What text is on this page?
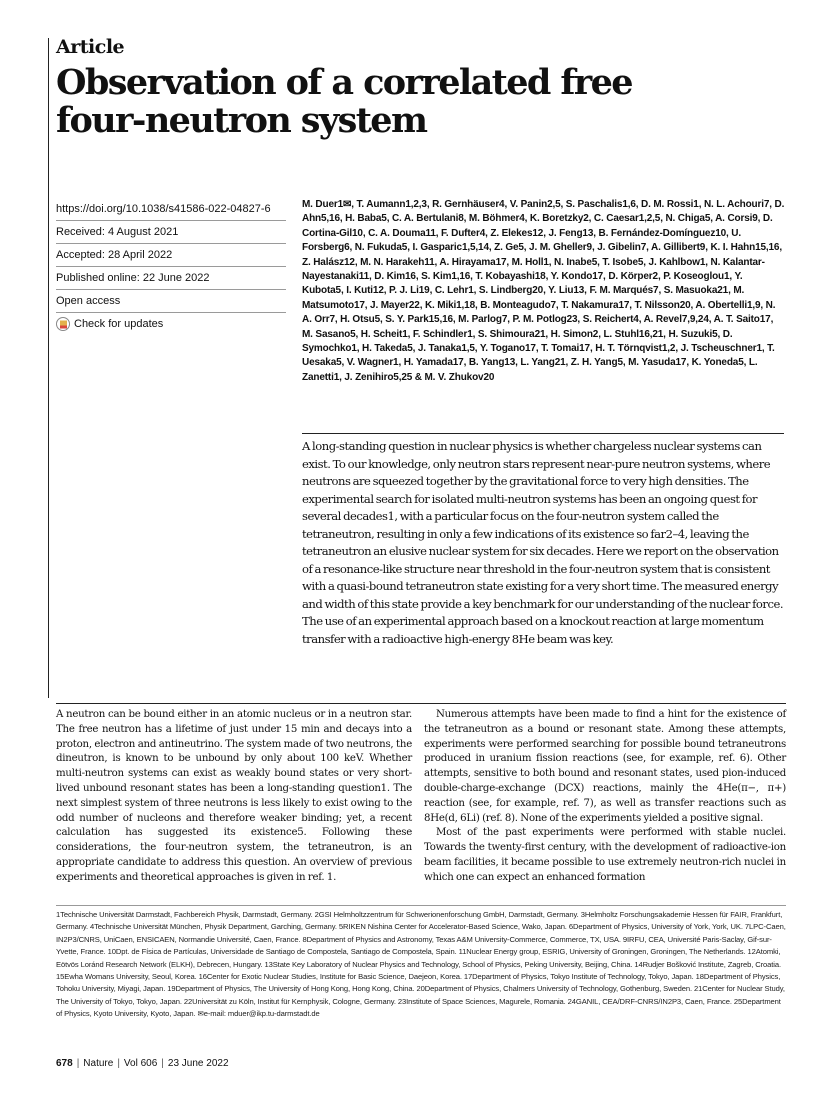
Article
Observation of a correlated free four-neutron system
https://doi.org/10.1038/s41586-022-04827-6
Received: 4 August 2021
Accepted: 28 April 2022
Published online: 22 June 2022
Open access
Check for updates

M. Duer1✉, T. Aumann1,2,3, R. Gernhäuser4, V. Panin2,5, S. Paschalis1,6, D. M. Rossi1, N. L. Achouri7, D. Ahn5,16, H. Baba5, C. A. Bertulani8, M. Böhmer4, K. Boretzky2, C. Caesar1,2,5, N. Chiga5, A. Corsi9, D. Cortina-Gil10, C. A. Douma11, F. Dufter4, Z. Elekes12, J. Feng13, B. Fernández-Domínguez10, U. Forsberg6, N. Fukuda5, I. Gasparic1,5,14, Z. Ge5, J. M. Gheller9, J. Gibelin7, A. Gillibert9, K. I. Hahn15,16, Z. Halász12, M. N. Harakeh11, A. Hirayama17, M. Holl1, N. Inabe5, T. Isobe5, J. Kahlbow1, N. Kalantar-Nayestanaki11, D. Kim16, S. Kim1,16, T. Kobayashi18, Y. Kondo17, D. Körper2, P. Koseoglou1, Y. Kubota5, I. Kuti12, P. J. Li19, C. Lehr1, S. Lindberg20, Y. Liu13, F. M. Marqués7, S. Masuoka21, M. Matsumoto17, J. Mayer22, K. Miki1,18, B. Monteagudo7, T. Nakamura17, T. Nilsson20, A. Obertelli1,9, N. A. Orr7, H. Otsu5, S. Y. Park15,16, M. Parlog7, P. M. Potlog23, S. Reichert4, A. Revel7,9,24, A. T. Saito17, M. Sasano5, H. Scheit1, F. Schindler1, S. Shimoura21, H. Simon2, L. Stuhl16,21, H. Suzuki5, D. Symochko1, H. Takeda5, J. Tanaka1,5, Y. Togano17, T. Tomai17, H. T. Törnqvist1,2, J. Tscheuschner1, T. Uesaka5, V. Wagner1, H. Yamada17, B. Yang13, L. Yang21, Z. H. Yang5, M. Yasuda17, K. Yoneda5, L. Zanetti1, J. Zenihiro5,25 & M. V. Zhukov20

A long-standing question in nuclear physics is whether chargeless nuclear systems can exist. To our knowledge, only neutron stars represent near-pure neutron systems, where neutrons are squeezed together by the gravitational force to very high densities. The experimental search for isolated multi-neutron systems has been an ongoing quest for several decades1, with a particular focus on the four-neutron system called the tetraneutron, resulting in only a few indications of its existence so far2–4, leaving the tetraneutron an elusive nuclear system for six decades. Here we report on the observation of a resonance-like structure near threshold in the four-neutron system that is consistent with a quasi-bound tetraneutron state existing for a very short time. The measured energy and width of this state provide a key benchmark for our understanding of the nuclear force. The use of an experimental approach based on a knockout reaction at large momentum transfer with a radioactive high-energy 8He beam was key.

A neutron can be bound either in an atomic nucleus or in a neutron star. The free neutron has a lifetime of just under 15 min and decays into a proton, electron and antineutrino. The system made of two neutrons, the dineutron, is known to be unbound by only about 100 keV. Whether multi-neutron systems can exist as weakly bound states or very short-lived unbound resonant states has been a long-standing question1. The next simplest system of three neutrons is less likely to exist owing to the odd number of nucleons and therefore weaker binding; yet, a recent calculation has suggested its existence5. Following these considerations, the four-neutron system, the tetraneutron, is an appropriate candidate to address this question. An overview of previous experiments and theoretical approaches is given in ref. 1.

Numerous attempts have been made to find a hint for the existence of the tetraneutron as a bound or resonant state. Among these attempts, experiments were performed searching for possible bound tetraneutrons produced in uranium fission reactions (see, for example, ref. 6). Other attempts, sensitive to both bound and resonant states, used pion-induced double-charge-exchange (DCX) reactions, mainly the 4He(π−, π+) reaction (see, for example, ref. 7), as well as transfer reactions such as 8He(d, 6Li) (ref. 8). None of the experiments yielded a positive signal.
Most of the past experiments were performed with stable nuclei. Towards the twenty-first century, with the development of radioactive-ion beam facilities, it became possible to use extremely neutron-rich nuclei in which one can expect an enhanced formation

1Technische Universität Darmstadt, Fachbereich Physik, Darmstadt, Germany. 2GSI Helmholtzzentrum für Schwerionenforschung GmbH, Darmstadt, Germany. 3Helmholtz Forschungsakademie Hessen für FAIR, Frankfurt, Germany. 4Technische Universität München, Physik Department, Garching, Germany. 5RIKEN Nishina Center for Accelerator-Based Science, Wako, Japan. 6Department of Physics, University of York, York, UK. 7LPC-Caen, IN2P3/CNRS, UniCaen, ENSICAEN, Normandie Université, Caen, France. 8Department of Physics and Astronomy, Texas A&M University-Commerce, Commerce, TX, USA. 9IRFU, CEA, Université Paris-Saclay, Gif-sur-Yvette, France. 10Dpt. de Física de Partículas, Universidade de Santiago de Compostela, Santiago de Compostela, Spain. 11Nuclear Energy group, ESRIG, University of Groningen, Groningen, The Netherlands. 12Atomki, Eötvös Loránd Research Network (ELKH), Debrecen, Hungary. 13State Key Laboratory of Nuclear Physics and Technology, School of Physics, Peking University, Beijing, China. 14Rudjer Bošković Institute, Zagreb, Croatia. 15Ewha Womans University, Seoul, Korea. 16Center for Exotic Nuclear Studies, Institute for Basic Science, Daejeon, Korea. 17Department of Physics, Tokyo Institute of Technology, Tokyo, Japan. 18Department of Physics, Tohoku University, Miyagi, Japan. 19Department of Physics, The University of Hong Kong, Hong Kong, China. 20Department of Physics, Chalmers University of Technology, Gothenburg, Sweden. 21Center for Nuclear Study, The University of Tokyo, Tokyo, Japan. 22Universität zu Köln, Institut für Kernphysik, Cologne, Germany. 23Institute of Space Sciences, Magurele, Romania. 24GANIL, CEA/DRF-CNRS/IN2P3, Caen, France. 25Department of Physics, Kyoto University, Kyoto, Japan. ✉e-mail: mduer@ikp.tu-darmstadt.de

678 | Nature | Vol 606 | 23 June 2022
